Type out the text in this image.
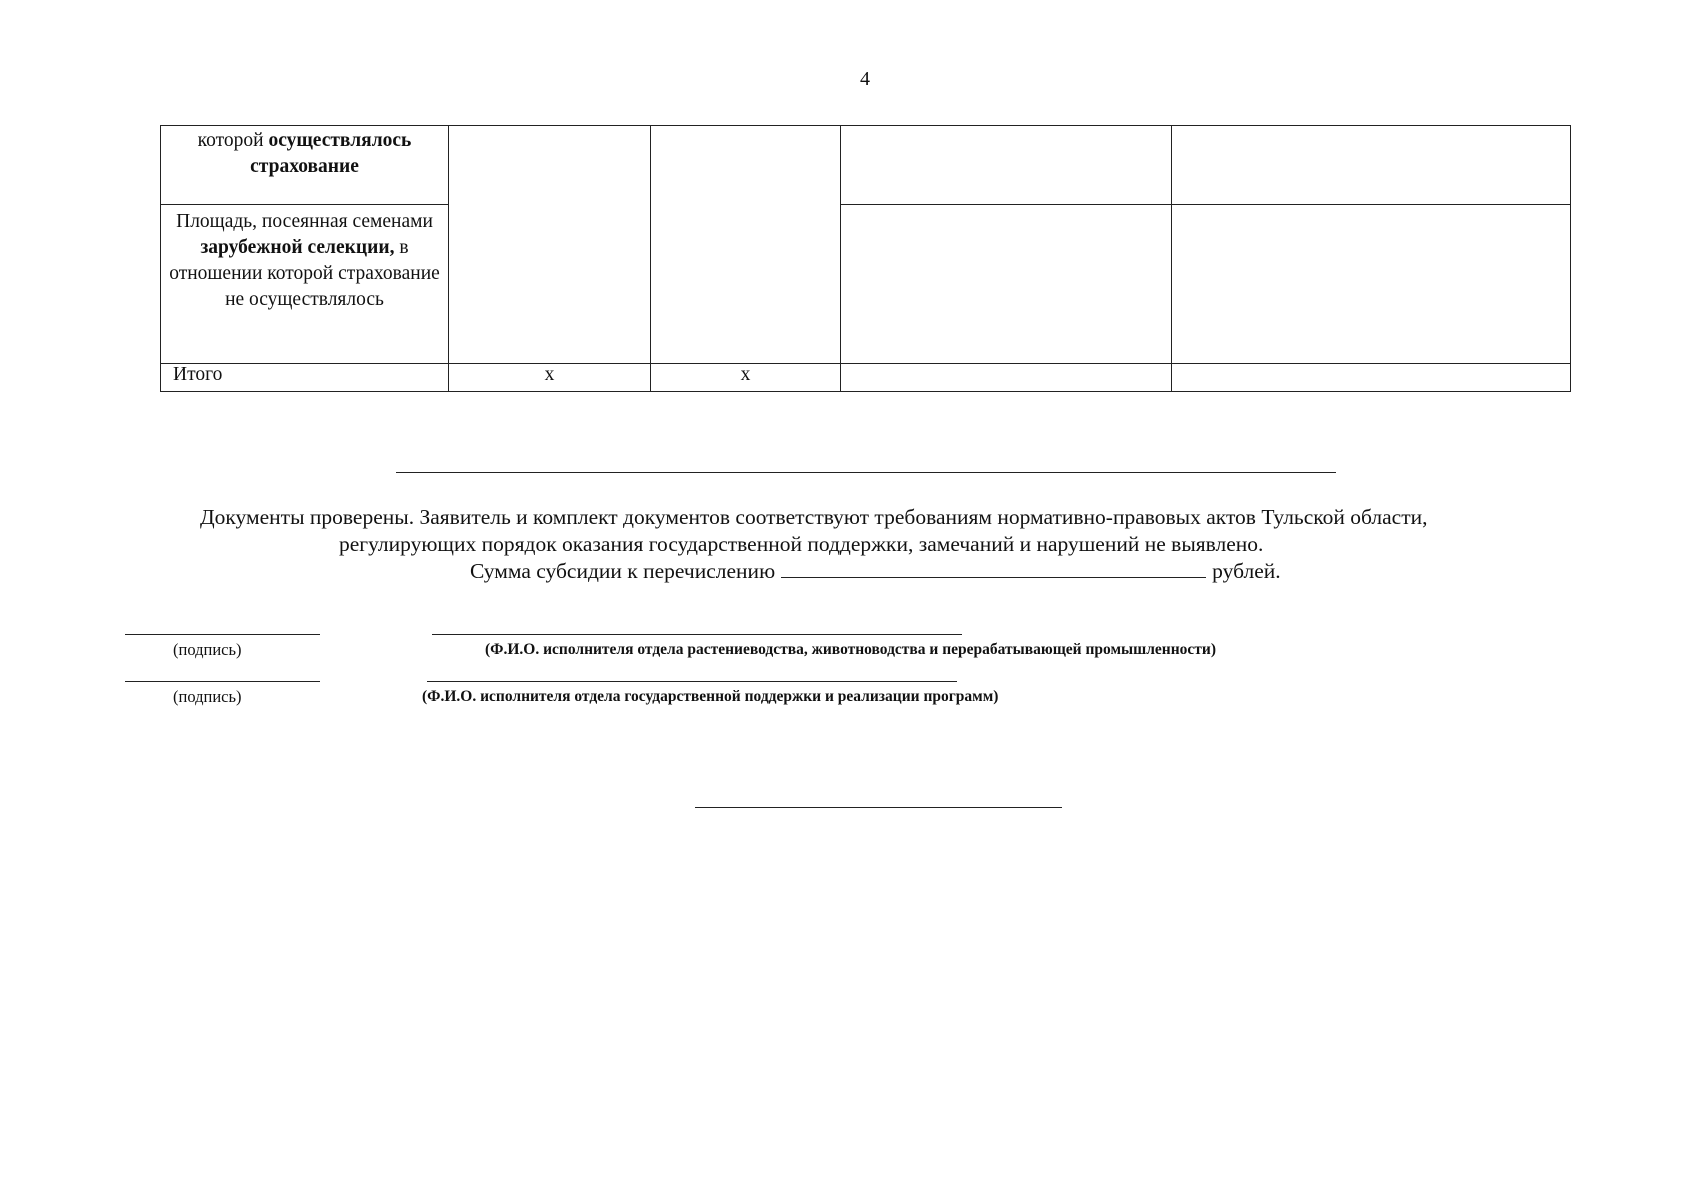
4
которой осуществлялось страхование				
Площадь, посеянная семенами зарубежной селекции, в отношении которой страхование не осуществлялось				
Итого	х	х		
Документы проверены. Заявитель и комплект документов соответствуют требованиям нормативно-правовых актов Тульской области,
регулирующих порядок оказания государственной поддержки, замечаний и нарушений не выявлено.
Сумма субсидии к перечислению	рублей.
(подпись)	(Ф.И.О. исполнителя отдела растениеводства, животноводства и перерабатывающей промышленности)
(подпись)	(Ф.И.О. исполнителя отдела государственной поддержки и реализации программ)
